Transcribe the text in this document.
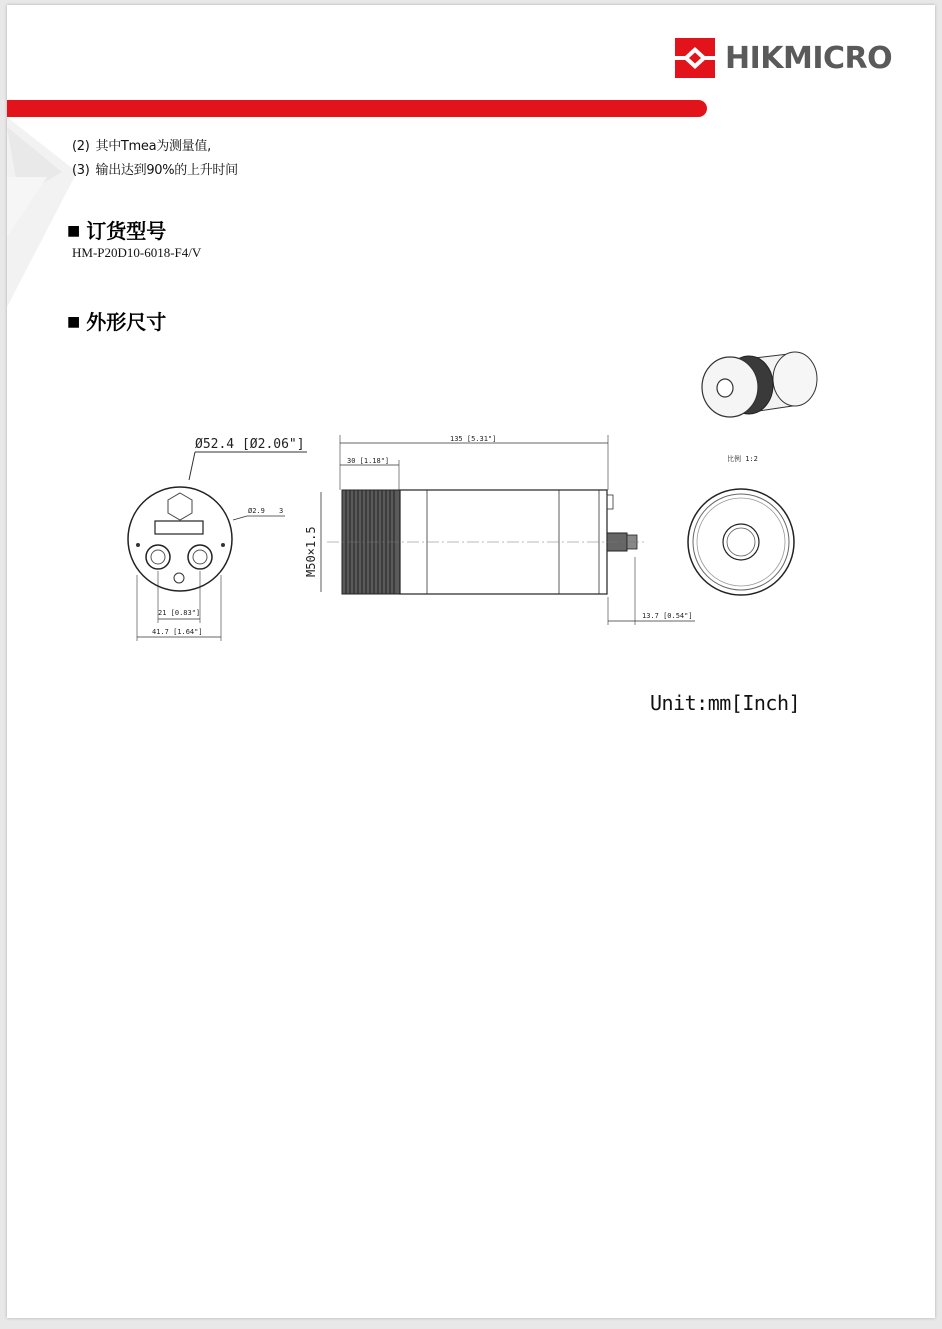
HIKMICRO
(2) 其中Tmea为测量值,
(3) 输出达到90%的上升时间
■ 订货型号
HM-P20D10-6018-F4/V
■ 外形尺寸
Ø52.4 [Ø2.06"]
Ø2.9 3
21 [0.83"]
41.7 [1.64"]
135 [5.31"]
30 [1.18"]
M50×1.5
13.7 [0.54"]
比例 1:2
Unit:mm[Inch]
